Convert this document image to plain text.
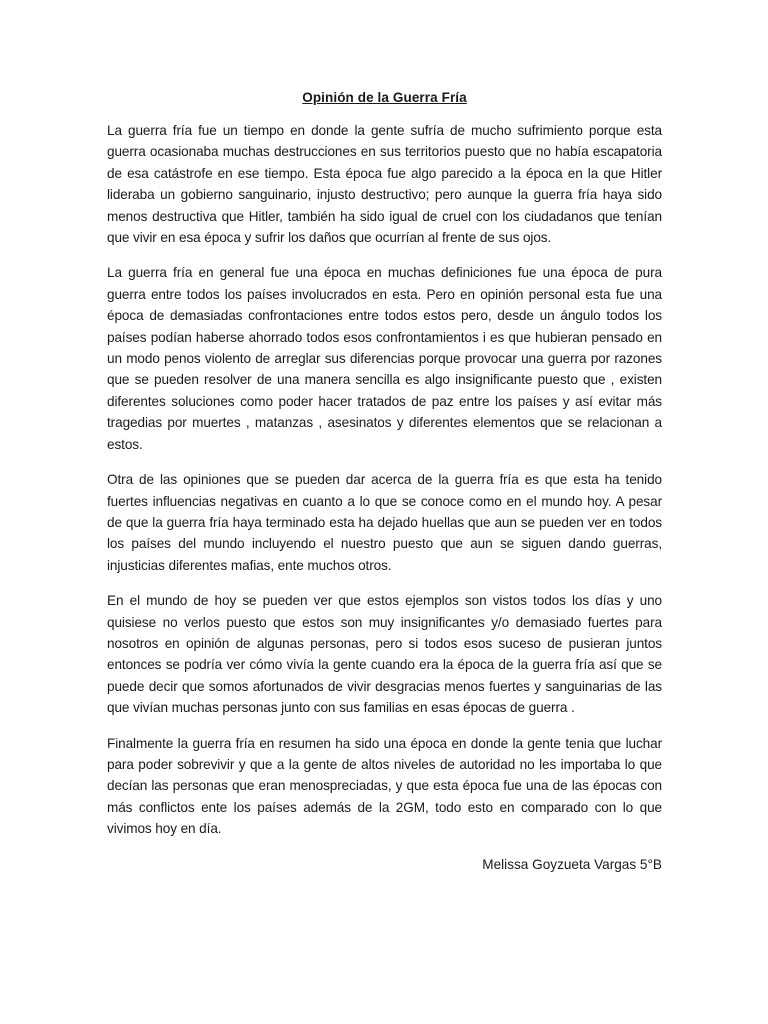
Opinión de la Guerra Fría

La guerra fría fue un tiempo en donde la gente sufría de mucho sufrimiento porque esta guerra ocasionaba muchas destrucciones en sus territorios puesto que no había escapatoria de esa catástrofe en ese tiempo. Esta época fue algo parecido a la época en la que Hitler lideraba un gobierno sanguinario, injusto destructivo; pero aunque la guerra fría haya sido menos destructiva que Hitler, también ha sido igual de cruel con los ciudadanos que tenían que vivir en esa época y sufrir los daños que ocurrían al frente de sus ojos.

La guerra fría en general fue una época en muchas definiciones fue una época de pura guerra entre todos los países involucrados en esta. Pero en opinión personal esta fue una época de demasiadas confrontaciones entre todos estos pero, desde un ángulo todos los países podían haberse ahorrado todos esos confrontamientos i es que hubieran pensado en un modo penos violento de arreglar sus diferencias porque provocar una guerra por razones que se pueden resolver de una manera sencilla es algo insignificante puesto que , existen diferentes soluciones como poder hacer tratados de paz entre los países y así evitar más tragedias por muertes , matanzas , asesinatos y diferentes elementos que se relacionan a estos.

Otra de las opiniones que se pueden dar acerca de la guerra fría es que esta ha tenido fuertes influencias negativas en cuanto a lo que se conoce como en el mundo hoy. A pesar de que la guerra fría haya terminado esta ha dejado huellas que aun se pueden ver en todos los países del mundo incluyendo el nuestro puesto que aun se siguen dando guerras, injusticias diferentes mafias, ente muchos otros.

En el mundo de hoy se pueden ver que estos ejemplos son vistos todos los días y uno quisiese no verlos puesto que estos son muy insignificantes y/o demasiado fuertes para nosotros en opinión de algunas personas, pero si todos esos suceso de pusieran juntos entonces se podría ver cómo vivía la gente cuando era la época de la guerra fría así que se puede decir que somos afortunados de vivir desgracias menos fuertes y sanguinarias de las que vivían muchas personas junto con sus familias en esas épocas de guerra .

Finalmente la guerra fría en resumen ha sido una época en donde la gente tenia que luchar para poder sobrevivir y que a la gente de altos niveles de autoridad no les importaba lo que decían las personas que eran menospreciadas, y que esta época fue una de las épocas con más conflictos ente los países además de la 2GM, todo esto en comparado con lo que vivimos hoy en día.

Melissa Goyzueta Vargas 5°B
